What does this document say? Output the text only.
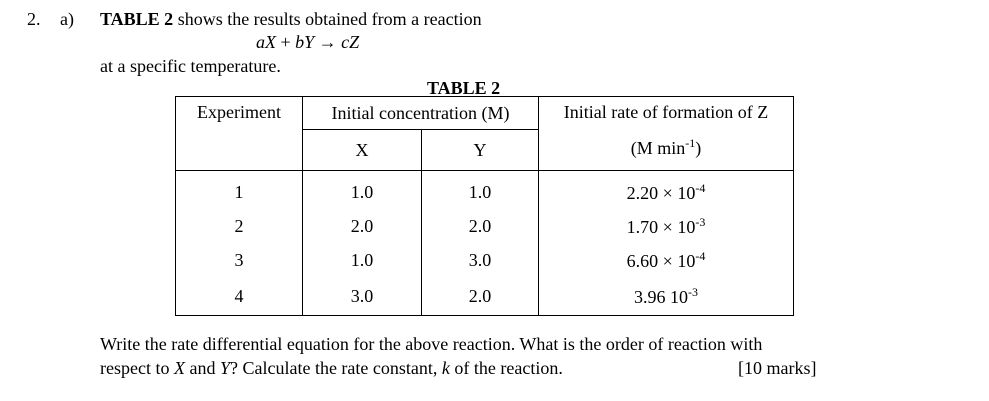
2. a) TABLE 2 shows the results obtained from a reaction
aX + bY → cZ
at a specific temperature.
TABLE 2
Experiment	Initial concentration (M)		Initial rate of formation of Z
(M $\min^{-1}$)

	X	Y	
1	1.0	1.0	$2.20 \times 10^{-4}$
2	2.0	2.0	$1.70 \times 10^{-3}$
3	1.0	3.0	$6.60 \times 10^{-4}$
4	3.0	2.0	3.96 $10^{-3}$
Write the rate differential equation for the above reaction. What is the order of reaction with
respect to X and Y? Calculate the rate constant, k of the reaction.	[10 marks]
